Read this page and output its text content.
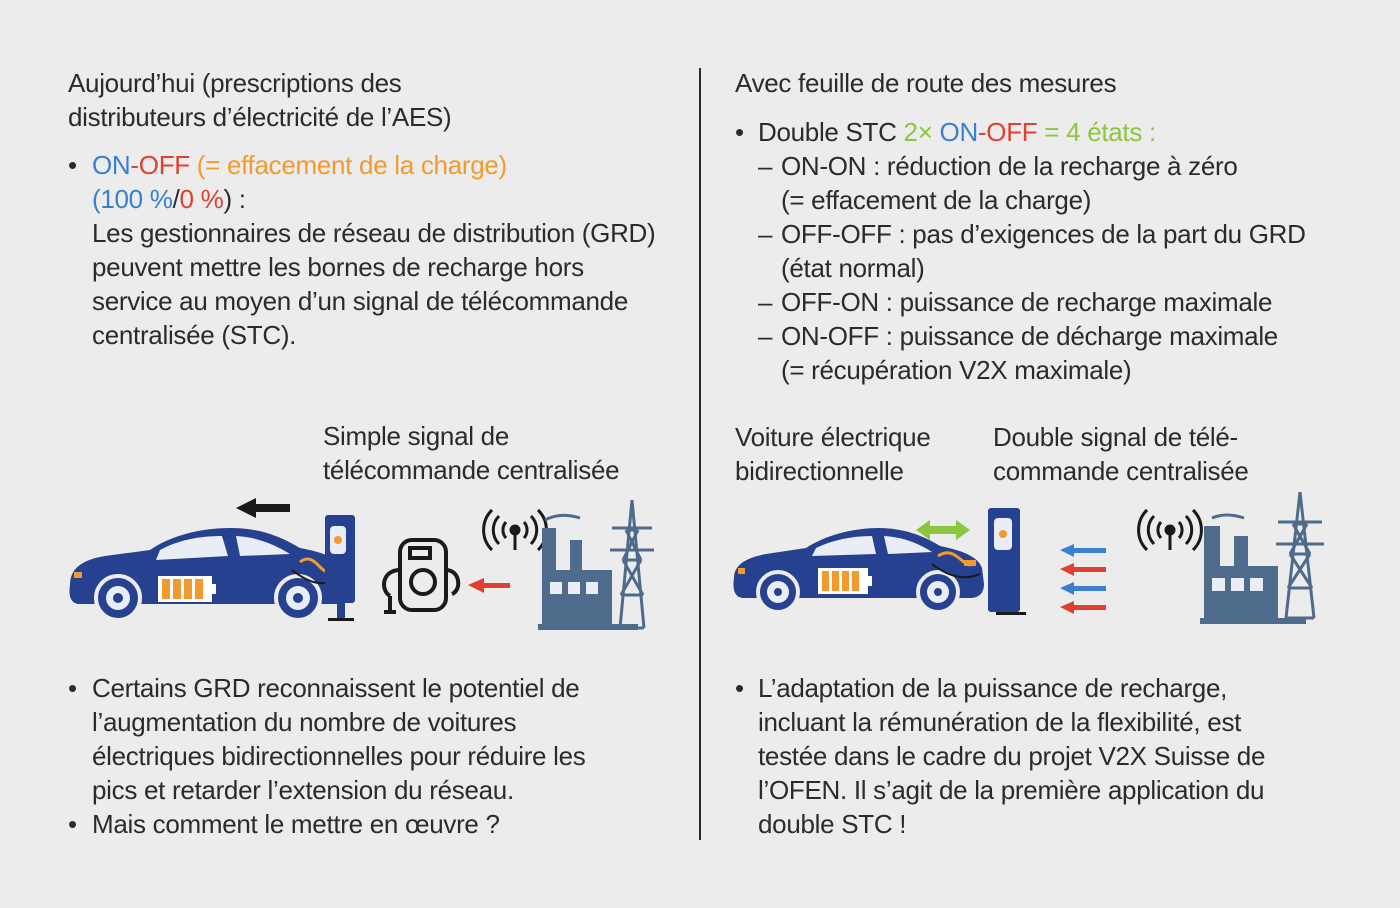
Aujourd’hui (prescriptions des
distributeurs d’électricité de l’AES)
• ON-OFF (= effacement de la charge)
(100 %/0 %) :
Les gestionnaires de réseau de distribution (GRD)
peuvent mettre les bornes de recharge hors
service au moyen d’un signal de télécommande
centralisée (STC).
Simple signal de
télécommande centralisée
• Certains GRD reconnaissent le potentiel de
l’augmentation du nombre de voitures
électriques bidirectionnelles pour réduire les
pics et retarder l’extension du réseau.
• Mais comment le mettre en œuvre ?
Avec feuille de route des mesures
• Double STC 2× ON-OFF = 4 états :
– ON-ON : réduction de la recharge à zéro
(= effacement de la charge)
– OFF-OFF : pas d’exigences de la part du GRD
(état normal)
– OFF-ON : puissance de recharge maximale
– ON-OFF : puissance de décharge maximale
(= récupération V2X maximale)
Voiture électrique
bidirectionnelle
Double signal de télé-
commande centralisée
• L’adaptation de la puissance de recharge,
incluant la rémunération de la flexibilité, est
testée dans le cadre du projet V2X Suisse de
l’OFEN. Il s’agit de la première application du
double STC !
